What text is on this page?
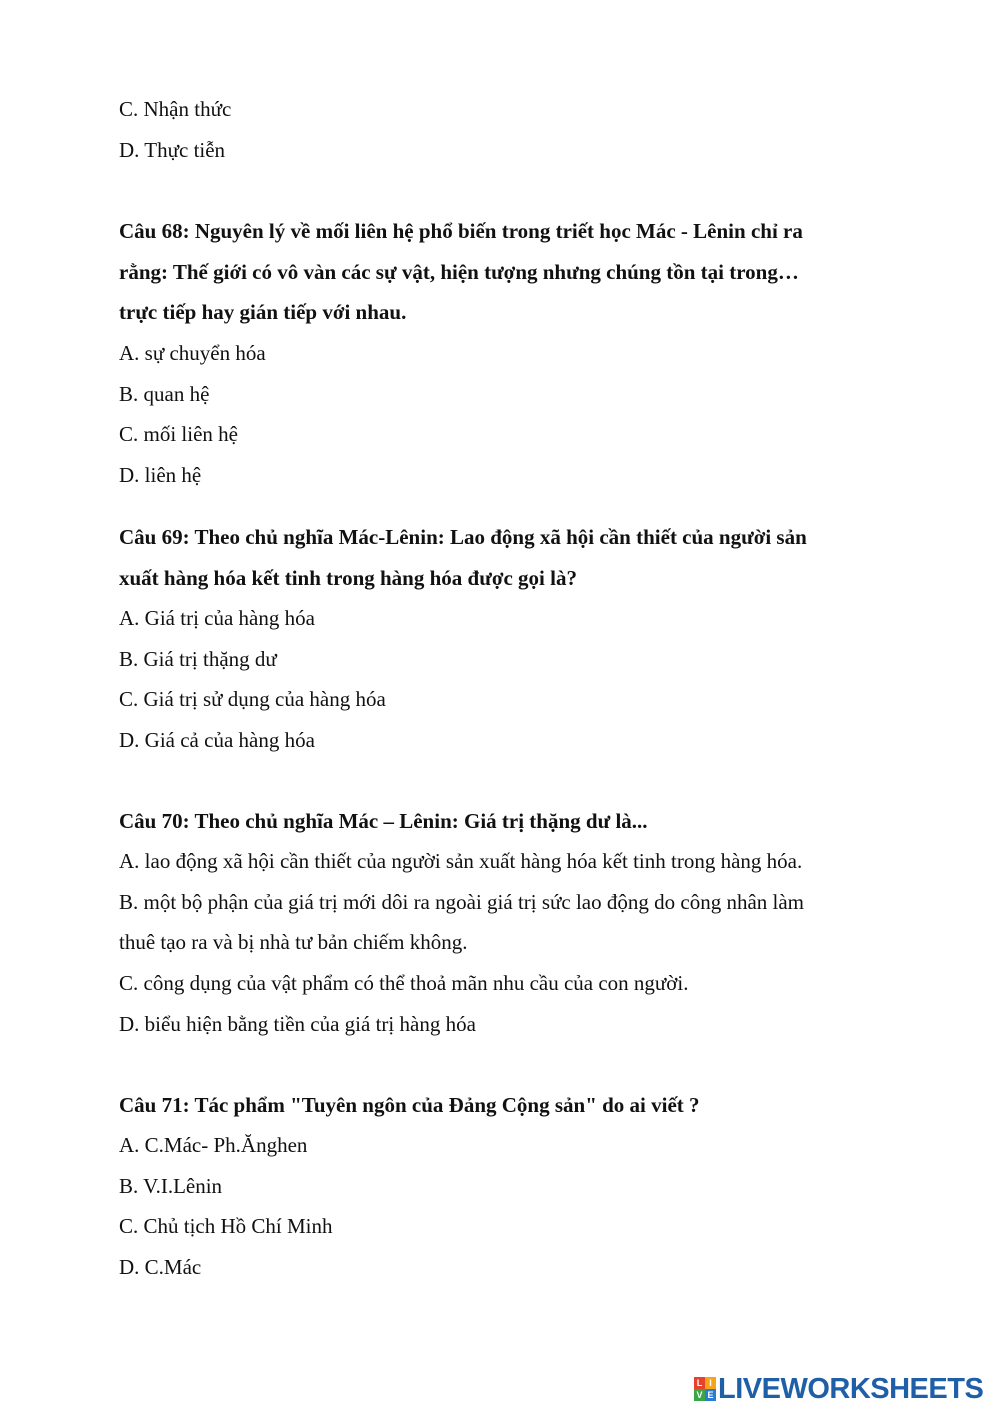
C. Nhận thức
D. Thực tiễn
Câu 68: Nguyên lý về mối liên hệ phổ biến trong triết học Mác - Lênin chỉ ra
rằng: Thế giới có vô vàn các sự vật, hiện tượng nhưng chúng tồn tại trong…
trực tiếp hay gián tiếp với nhau.
A. sự chuyển hóa
B. quan hệ
C. mối liên hệ
D. liên hệ
Câu 69: Theo chủ nghĩa Mác-Lênin: Lao động xã hội cần thiết của người sản
xuất hàng hóa kết tinh trong hàng hóa được gọi là?
A. Giá trị của hàng hóa
B. Giá trị thặng dư
C. Giá trị sử dụng của hàng hóa
D. Giá cả của hàng hóa
Câu 70: Theo chủ nghĩa Mác – Lênin: Giá trị thặng dư là...
A. lao động xã hội cần thiết của người sản xuất hàng hóa kết tinh trong hàng hóa.
B. một bộ phận của giá trị mới dôi ra ngoài giá trị sức lao động do công nhân làm
thuê tạo ra và bị nhà tư bản chiếm không.
C. công dụng của vật phẩm có thể thoả mãn nhu cầu của con người.
D. biểu hiện bằng tiền của giá trị hàng hóa
Câu 71: Tác phẩm "Tuyên ngôn của Đảng Cộng sản" do ai viết ?
A. C.Mác- Ph.Ănghen
B. V.I.Lênin
C. Chủ tịch Hồ Chí Minh
D. C.Mác
L I
V E LIVEWORKSHEETS
